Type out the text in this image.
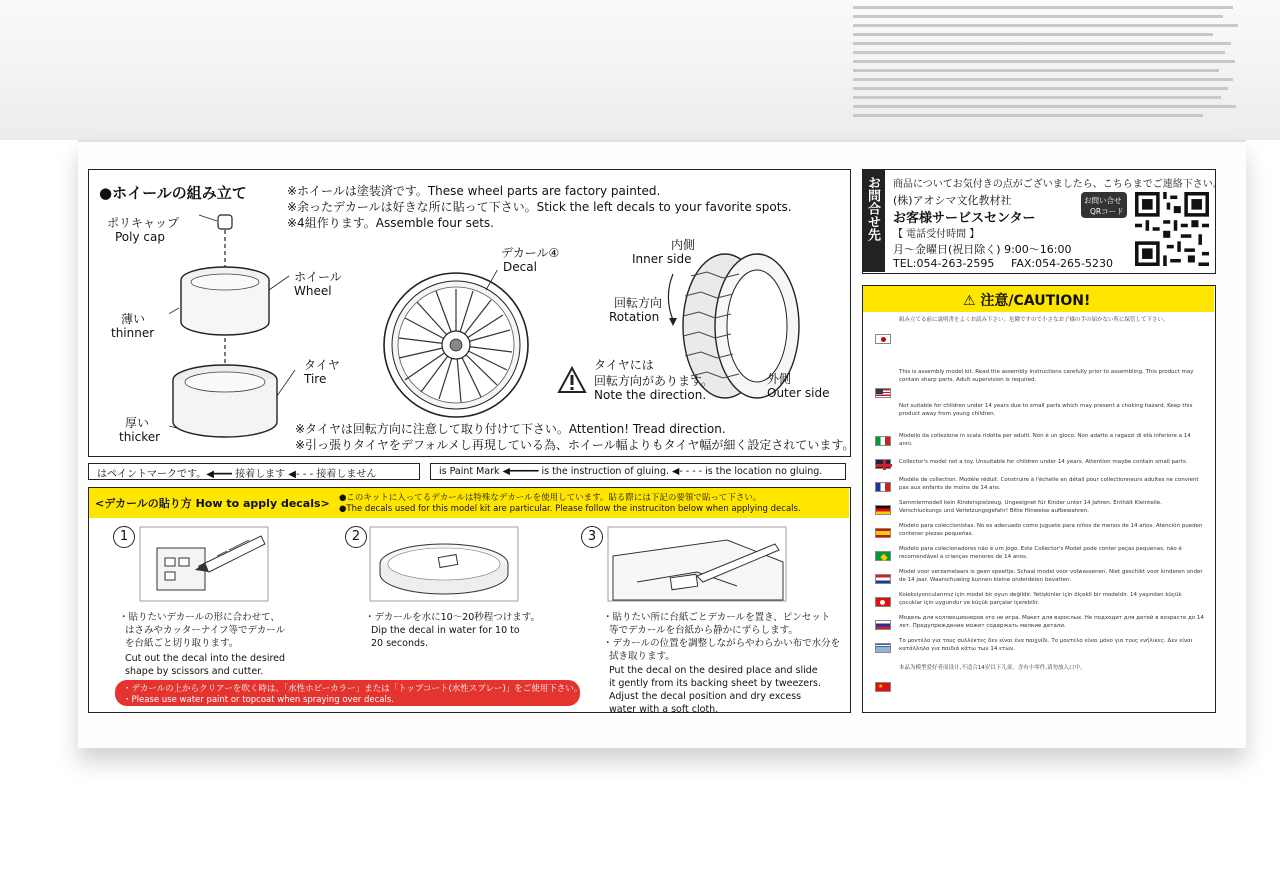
●ホイールの組み立て	※ホイールは塗装済です。These wheel parts are factory painted.
※余ったデカールは好きな所に貼って下さい。Stick the left decals to your favorite spots.
※4組作ります。Assemble four sets.
ポリキャップ
Poly cap
ホイール
Wheel
薄い
thinner
タイヤ
Tire
厚い
thicker
デカール④
Decal
内側
Inner side
回転方向
Rotation
外側
Outer side
タイヤには
回転方向があります。
Note the direction.
※タイヤは回転方向に注意して取り付けて下さい。Attention! Tread direction.
※引っ張りタイヤをデフォルメし再現している為、ホイール幅よりもタイヤ幅が細く設定されています。
はペイントマークです。◀━━━ 接着します ◀- - - 接着しません	is Paint Mark ◀━━━━━ is the instruction of gluing. ◀- - - - is the location no gluing.
<デカールの貼り方 How to apply decals> ●このキットに入ってるデカールは特殊なデカールを使用しています。貼る際には下記の要領で貼って下さい。
●The decals used for this model kit are particular. Please follow the instruciton below when applying decals.
1
・貼りたいデカールの形に合わせて、
はさみやカッターナイフ等でデカール
を台紙ごと切り取ります。
Cut out the decal into the desired
shape by scissors and cutter.
2
・デカールを水に10～20秒程つけます。
Dip the decal in water for 10 to
20 seconds.
3
・貼りたい所に台紙ごとデカールを置き、ピンセット
等でデカールを台紙から静かにずらします。
・デカールの位置を調整しながらやわらかい布で水分を
拭き取ります。
Put the decal on the desired place and slide
it gently from its backing sheet by tweezers.
Adjust the decal position and dry excess
water with a soft cloth.
・デカールの上からクリアーを吹く時は、「水性ホビーカラー」または「トップコート(水性スプレー)」をご使用下さい。
・Please use water paint or topcoat when spraying over decals.
お問合せ先 商品についてお気付きの点がございましたら、こちらまでご連絡下さい。
(株)アオシマ文化教材社
お客様サービスセンター
【 電話受付時間 】
月～金曜日(祝日除く) 9:00～16:00
TEL:054-263-2595 FAX:054-265-5230
お問い合せ
QRコード
⚠ 注意/CAUTION!
組み立てる前に説明書をよくお読み下さい。危険ですので小さなお子様の手の届かない所に保管して下さい。
This is assembly model kit. Read the assembly instructions carefully prior to assembling. This product may contain sharp parts. Adult supervision is required.
Not suitable for children under 14 years due to small parts which may present a choking hazard. Keep this product away from young children.
Modello da collezione in scala ridotta per adulti. Non è un gioco. Non adatto a ragazzi di età inferiore a 14 anni.
Collector's model not a toy. Unsuitable for children under 14 years. Attention maybe contain small parts.
Modèle de collection. Modèle réduit. Construire à l'échelle en détail pour collectionneurs adultes ne convient pas aux enfants de moins de 14 ans.
Sammlermodell kein Kinderspielzeug. Ungeeignet für Kinder unter 14 Jahren. Enthält Kleinteile. Verschluckungs und Verletzungsgefahr! Bitte Hinweise aufbewahren.
Modelo para coleccionistas. No es adecuado como juguete para niños de menos de 14 años. Atención pueden contener piezas pequeñas.
Modelo para colecionadores não é um jogo. Este Collector's Model pode conter peças pequenas, não é recomendável a crianças menores de 14 anos.
Model voor verzamelaars is geen speeltje. Schaal model voor volwassenen. Niet geschikt voor kinderen onder de 14 jaar. Waarschuwing kunnen kleine onderdelen bevatten.
Koleksiyoncularımız için model bir oyun değildir. Yetişkinler için ölçekli bir modeldir. 14 yaşından küçük çocuklar için uygundur ve küçük parçalar içerebilir.
Модель для коллекционеров это не игра. Макет для взрослых. Не подходит для детей в возрасте до 14 лет. Предупреждение может содержать мелкие детали.
Το μοντέλο για τους συλλέκτες δεν είναι ένα παιχνίδι. Το μοντέλο είναι μόνο για τους ενήλικες. Δεν είναι κατάλληλο για παιδιά κάτω των 14 ετών.
★
本品为模型爱好者而设计,不适合14岁以下儿童。含有小零件,请勿放入口中。
